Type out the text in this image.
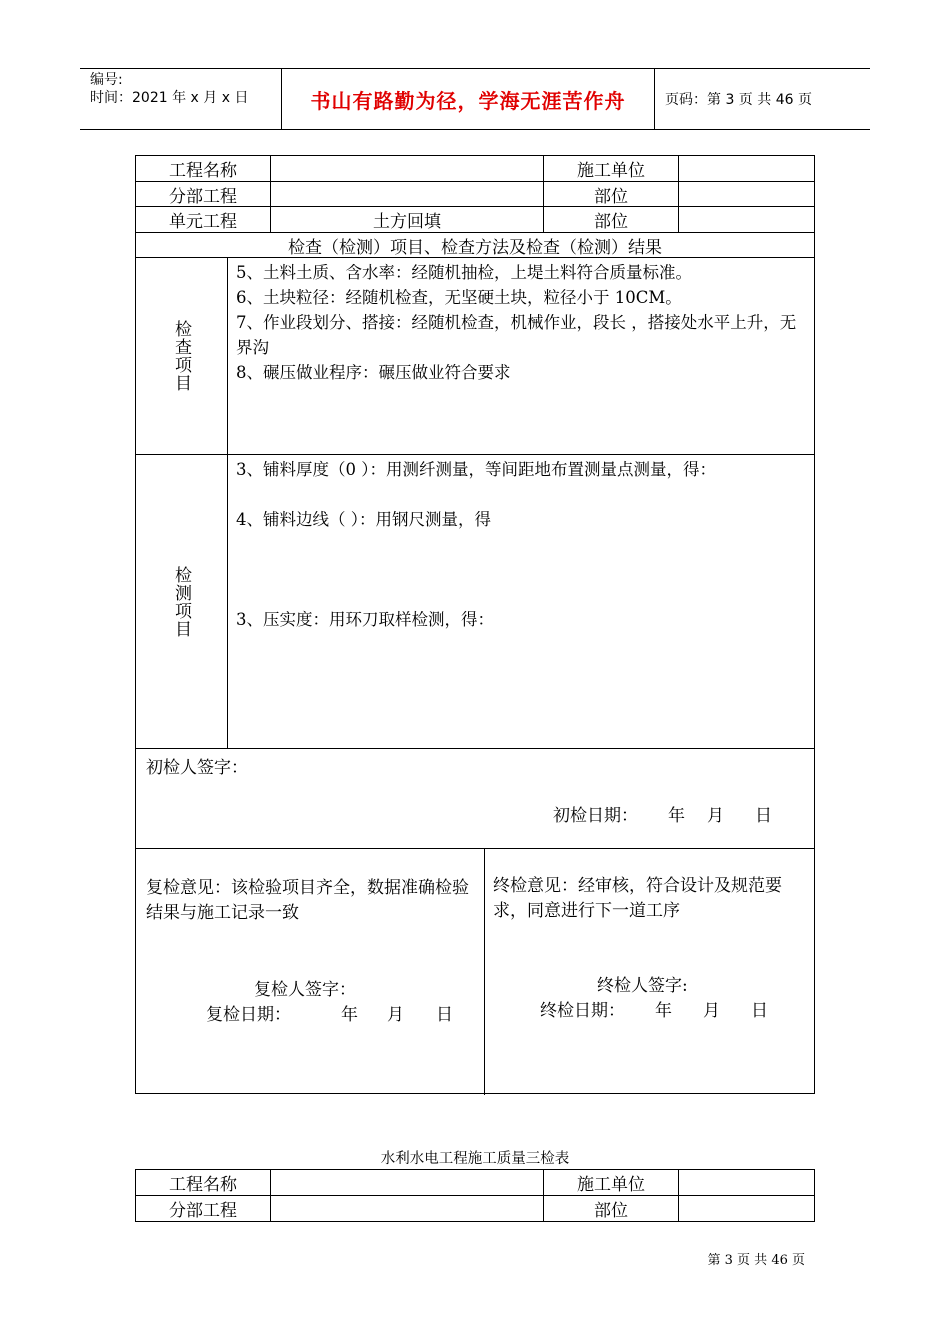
编号:
时间：2021 年 x 月 x 日	书山有路勤为径，学海无涯苦作舟	页码：第 3 页 共 46 页
工程名称	施工单位
分部工程	部位
单元工程	土方回填	部位
检查（检测）项目、检查方法及检查（检测）结果
检查项目

5、土料土质、含水率：经随机抽检，上堤土料符合质量标准。

6、土块粒径：经随机检查，无坚硬土块，粒径小于 10CM。

7、作业段划分、搭接：经随机检查，机械作业，段长 ，搭接处水平上升，无界沟

8、碾压做业程序：碾压做业符合要求

检测项目

3、铺料厚度（0 ）：用测纤测量，等间距地布置测量点测量，得：

4、铺料边线（ ）：用钢尺测量，得

3、压实度：用环刀取样检测，得：

初检人签字：
初检日期： 年 月 日
复检意见：该检验项目齐全，数据准确检验结果与施工记录一致
复检人签字：
复检日期：	年 月 日
终检意见：经审核，符合设计及规范要求，同意进行下一道工序
终检人签字:
终检日期： 年 月 日
水利水电工程施工质量三检表
工程名称	施工单位
分部工程	部位
第 3 页 共 46 页
